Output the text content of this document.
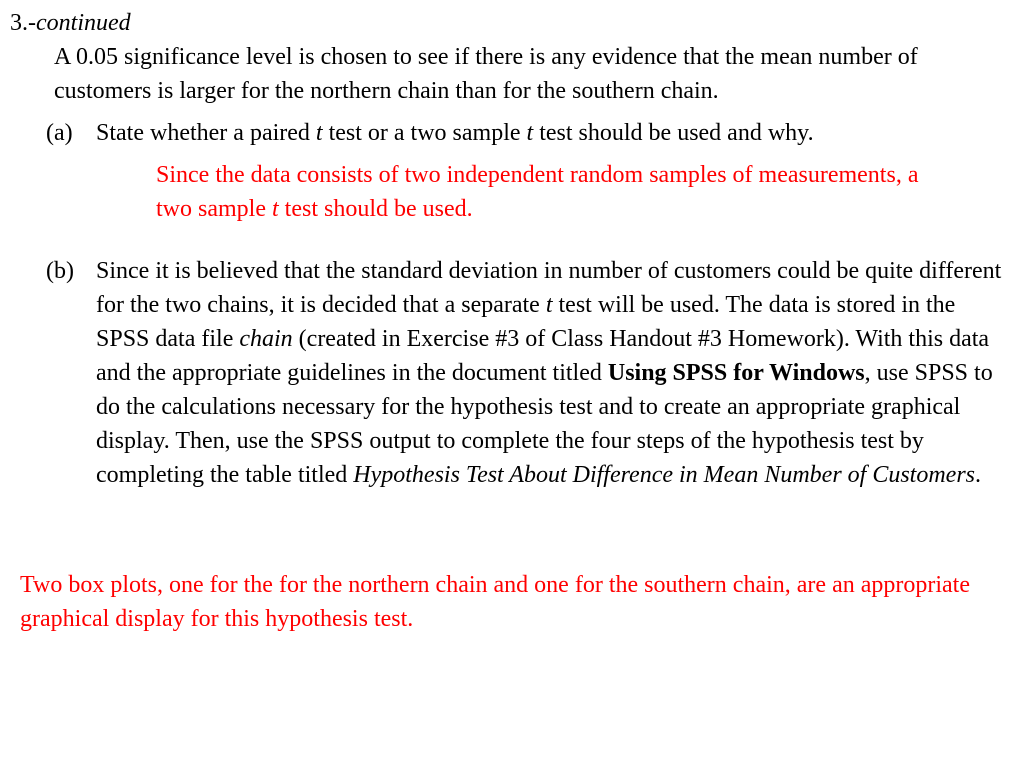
3.-continued

A 0.05 significance level is chosen to see if there is any evidence that the mean number of customers is larger for the northern chain than for the southern chain.

(a) State whether a paired t test or a two sample t test should be used and why.

Since the data consists of two independent random samples of measurements, a two sample t test should be used.

(b) Since it is believed that the standard deviation in number of customers could be quite different for the two chains, it is decided that a separate t test will be used. The data is stored in the SPSS data file chain (created in Exercise #3 of Class Handout #3 Homework). With this data and the appropriate guidelines in the document titled Using SPSS for Windows, use SPSS to do the calculations necessary for the hypothesis test and to create an appropriate graphical display. Then, use the SPSS output to complete the four steps of the hypothesis test by completing the table titled Hypothesis Test About Difference in Mean Number of Customers.

Two box plots, one for the for the northern chain and one for the southern chain, are an appropriate graphical display for this hypothesis test.
